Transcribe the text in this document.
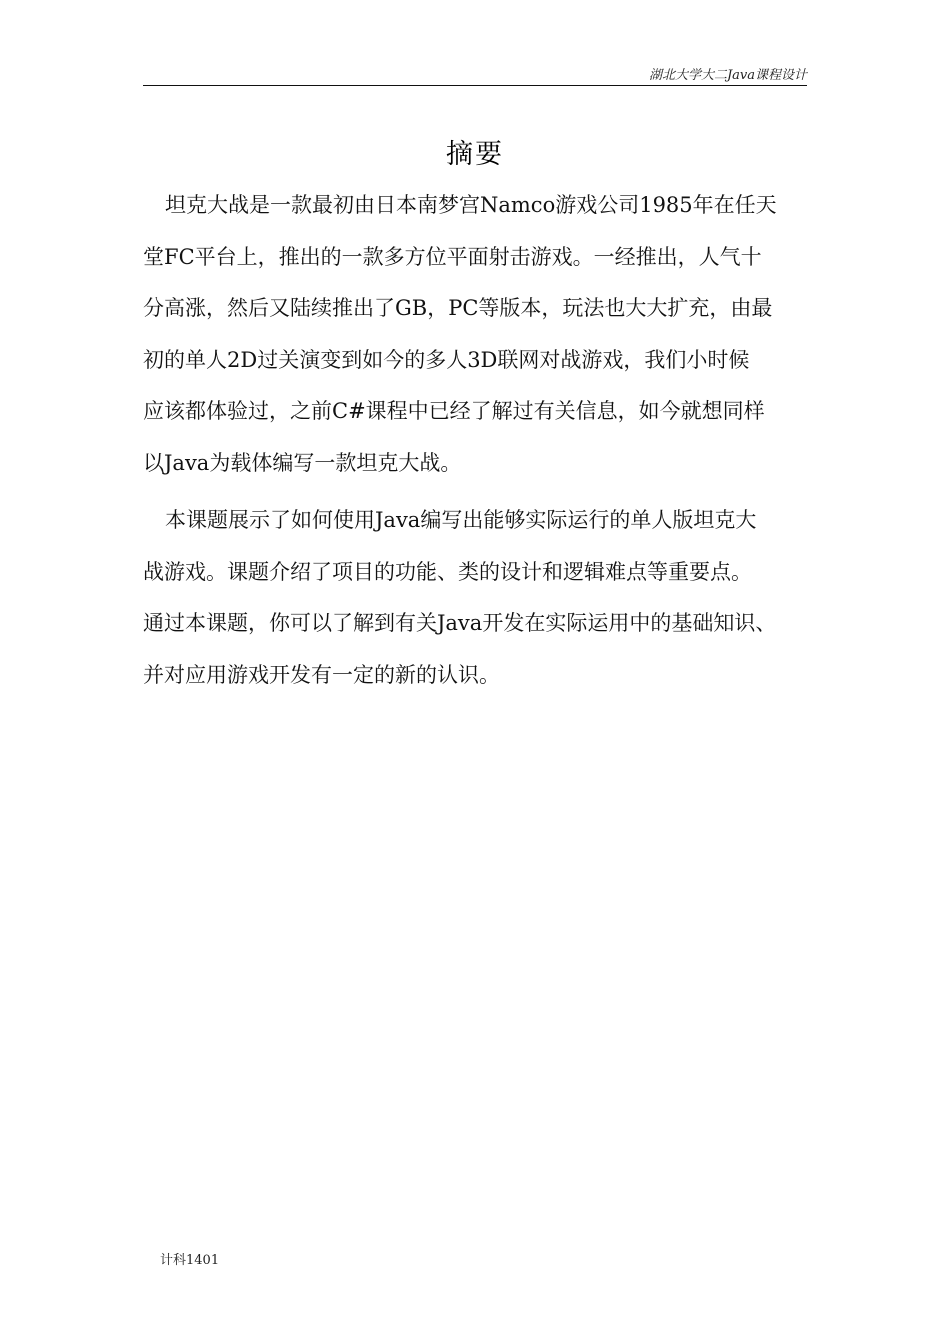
湖北大学大二Java课程设计
摘要
坦克大战是一款最初由日本南梦宫Namco游戏公司1985年在任天
堂FC平台上，推出的一款多方位平面射击游戏。一经推出，人气十
分高涨，然后又陆续推出了GB，PC等版本，玩法也大大扩充，由最
初的单人2D过关演变到如今的多人3D联网对战游戏，我们小时候
应该都体验过，之前C#课程中已经了解过有关信息，如今就想同样
以Java为载体编写一款坦克大战。
本课题展示了如何使用Java编写出能够实际运行的单人版坦克大
战游戏。课题介绍了项目的功能、类的设计和逻辑难点等重要点。
通过本课题，你可以了解到有关Java开发在实际运用中的基础知识、
并对应用游戏开发有一定的新的认识。
计科1401
